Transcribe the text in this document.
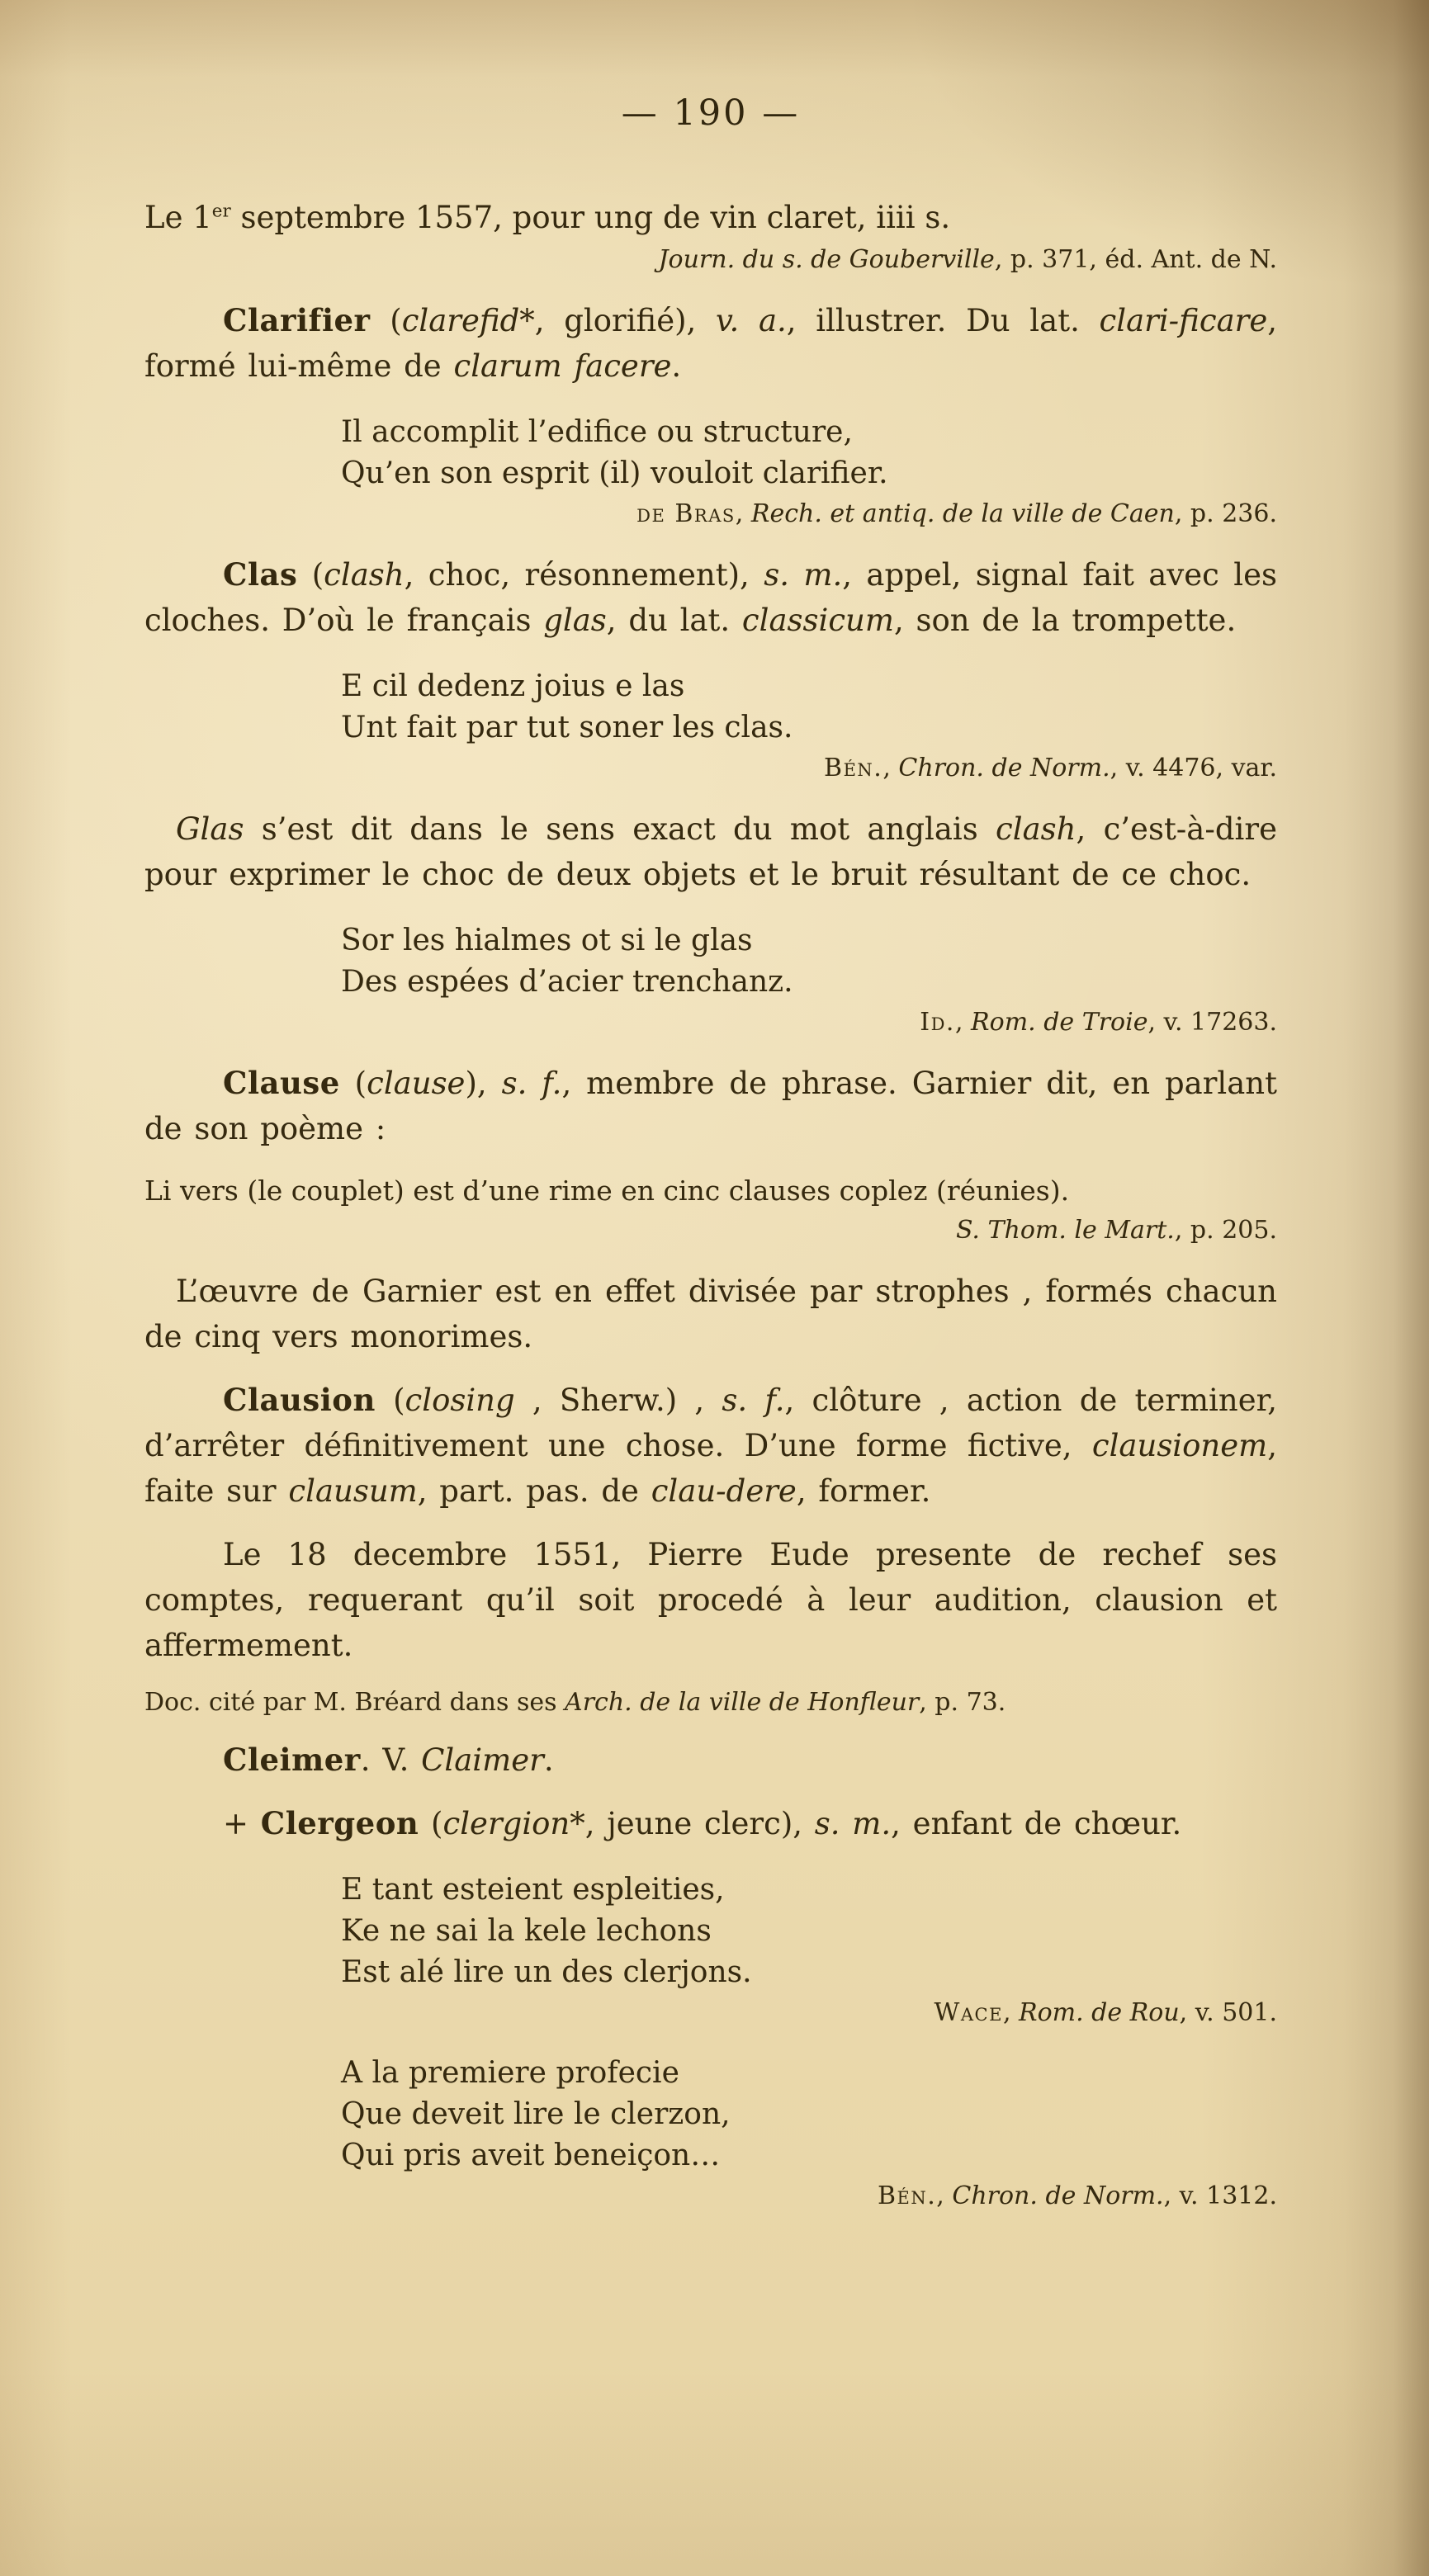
— 190 —

Le 1er septembre 1557, pour ung de vin claret, iiii s.

Journ. du s. de Gouberville, p. 371, éd. Ant. de N.

Clarifier (clarefid*, glorifié), v. a., illustrer. Du lat. clari-ficare, formé lui-même de clarum facere.

Il accomplit l’edifice ou structure,
Qu’en son esprit (il) vouloit clarifier.

de Bras, Rech. et antiq. de la ville de Caen, p. 236.

Clas (clash, choc, résonnement), s. m., appel, signal fait avec les cloches. D’où le français glas, du lat. classicum, son de la trompette.

E cil dedenz joius e las
Unt fait par tut soner les clas.

Bén., Chron. de Norm., v. 4476, var.

Glas s’est dit dans le sens exact du mot anglais clash, c’est-à-dire pour exprimer le choc de deux objets et le bruit résultant de ce choc.

Sor les hialmes ot si le glas
Des espées d’acier trenchanz.

Id., Rom. de Troie, v. 17263.

Clause (clause), s. f., membre de phrase. Garnier dit, en parlant de son poème :

Li vers (le couplet) est d’une rime en cinc clauses coplez (réunies).

S. Thom. le Mart., p. 205.

L’œuvre de Garnier est en effet divisée par strophes , formés chacun de cinq vers monorimes.

Clausion (closing , Sherw.) , s. f., clôture , action de terminer, d’arrêter définitivement une chose. D’une forme fictive, clausionem, faite sur clausum, part. pas. de clau-dere, former.

Le 18 decembre 1551, Pierre Eude presente de rechef ses comptes, requerant qu’il soit procedé à leur audition, clausion et affermement.

Doc. cité par M. Bréard dans ses Arch. de la ville de Honfleur, p. 73.

Cleimer. V. Claimer.

+ Clergeon (clergion*, jeune clerc), s. m., enfant de chœur.

E tant esteient espleities,
Ke ne sai la kele lechons
Est alé lire un des clerjons.

Wace, Rom. de Rou, v. 501.

A la premiere profecie
Que deveit lire le clerzon,
Qui pris aveit beneiçon…

Bén., Chron. de Norm., v. 1312.
